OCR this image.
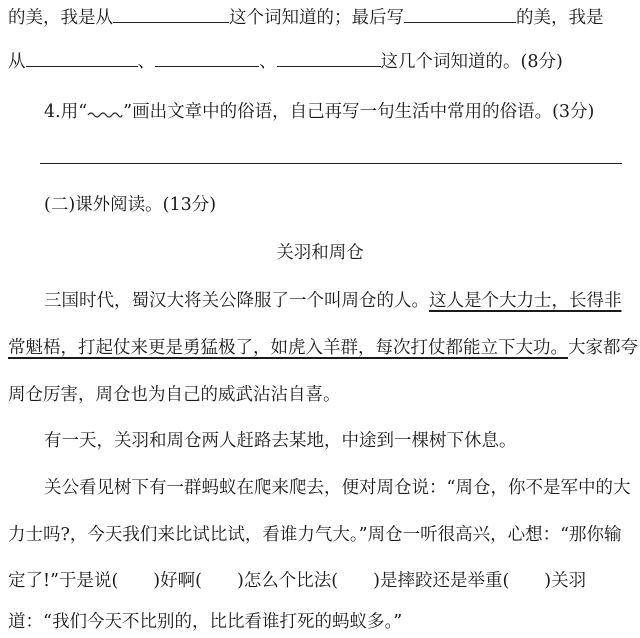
的美，我是从	这个词知道的；最后写	的美，我是
从	、	、	这几个词知道的。(8分)
4.用“ ”画出文章中的俗语，自己再写一句生活中常用的俗语。(3分)
(二)课外阅读。(13分)
关羽和周仓
三国时代，蜀汉大将关公降服了一个叫周仓的人。这人是个大力士，长得非
常魁梧，打起仗来更是勇猛极了，如虎入羊群，每次打仗都能立下大功。大家都夸
周仓厉害，周仓也为自己的威武沾沾自喜。
有一天，关羽和周仓两人赶路去某地，中途到一棵树下休息。
关公看见树下有一群蚂蚁在爬来爬去，便对周仓说：“周仓，你不是军中的大
力士吗?，今天我们来比试比试，看谁力气大。”周仓一听很高兴，心想：“那你输
定了!”于是说(　　)好啊(　　)怎么个比法(　　)是摔跤还是举重(　　)关羽
道：“我们今天不比别的，比比看谁打死的蚂蚁多。”
